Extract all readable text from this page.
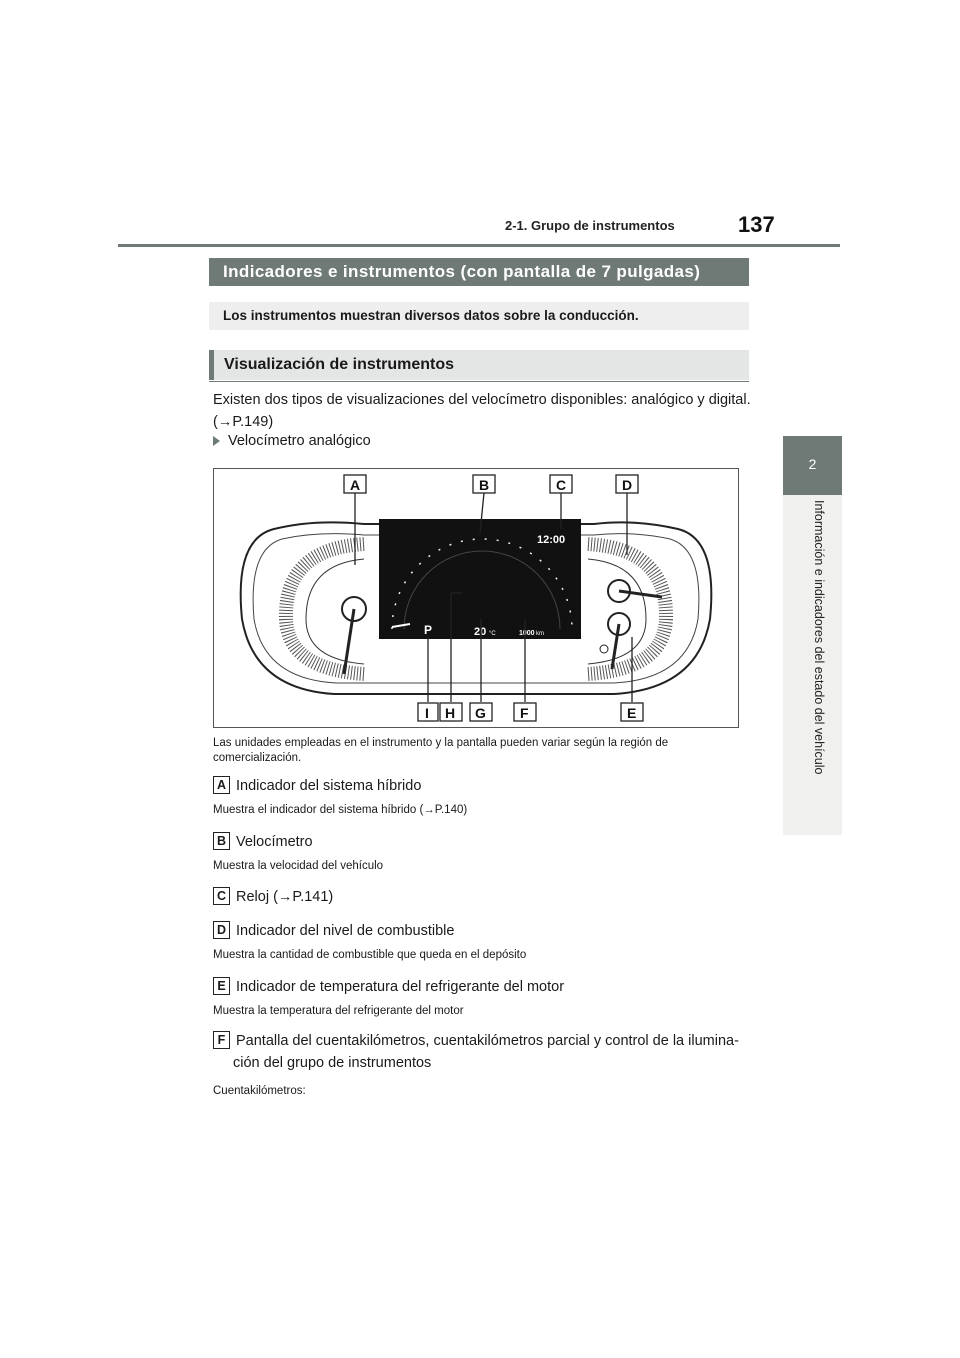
2-1. Grupo de instrumentos	137
2
Información e indicadores del estado del vehículo
Indicadores e instrumentos (con pantalla de 7 pulgadas)
Los instrumentos muestran diversos datos sobre la conducción.
Visualización de instrumentos
Existen dos tipos de visualizaciones del velocímetro disponibles: analógico y digital.
(→P.149)
Velocímetro analógico
12:00
P	20 °C	1000 km
A	B	C	D
E
F
G
H
I
Las unidades empleadas en el instrumento y la pantalla pueden variar según la región de comercialización.
A Indicador del sistema híbrido
Muestra el indicador del sistema híbrido (→P.140)
B Velocímetro
Muestra la velocidad del vehículo
C Reloj (→P.141)
D Indicador del nivel de combustible
Muestra la cantidad de combustible que queda en el depósito
E Indicador de temperatura del refrigerante del motor
Muestra la temperatura del refrigerante del motor
F Pantalla del cuentakilómetros, cuentakilómetros parcial y control de la ilumina-
ción del grupo de instrumentos
Cuentakilómetros:
